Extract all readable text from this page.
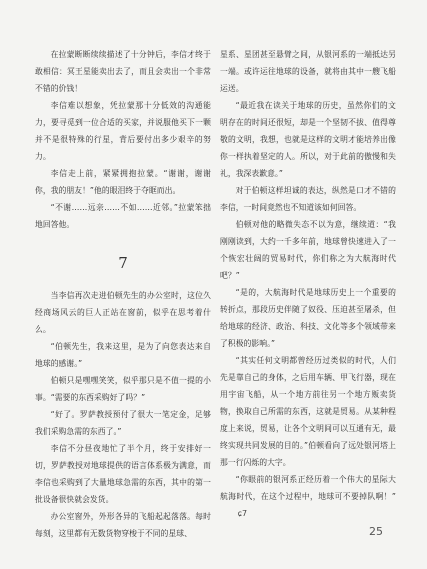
在拉蒙断断续续描述了十分钟后，李信才终于敢相信：冥王星能卖出去了，而且会卖出一个非常不错的价钱！

李信难以想象，凭拉蒙那十分低效的沟通能力，要寻觅到一位合适的买家，并说服他买下一颗并不是很特殊的行星，背后要付出多少艰辛的努力。

李信走上前，紧紧拥抱拉蒙。“谢谢，谢谢你，我的朋友！”他的眼泪终于夺眶而出。

“不谢……远亲……不如……近邻。”拉蒙笨拙地回答他。

7

当李信再次走进伯顿先生的办公室时，这位久经商场风云的巨人正站在窗前，似乎在思考着什么。

“伯顿先生，我来这里，是为了向您表达来自地球的感谢。”

伯顿只是嘿嘿笑笑，似乎那只是不值一提的小事。“需要的东西采购好了吗？”

“好了。罗萨教授预付了很大一笔定金，足够我们采购急需的东西了。”

李信不分昼夜地忙了半个月，终于安排好一切，罗萨教授对地球提供的语言体系极为满意，而李信也采购到了大量地球急需的东西，其中的第一批设备很快就会发货。

办公室窗外，外形各异的飞船起起落落。每时每刻，这里都有无数货物穿梭于不同的星球、

星系、星团甚至悬臂之间，从银河系的一端抵达另一端。或许运往地球的设备，就将由其中一艘飞船运送。

“最近我在读关于地球的历史，虽然你们的文明存在的时间还很短，却是一个坚韧不拔、值得尊敬的文明，我想，也就是这样的文明才能培养出像你一样执着坚定的人。所以，对于此前的傲慢和失礼，我深表歉意。”

对于伯顿这样坦诚的表达，纵然是口才不错的李信，一时间竟然也不知道该如何回答。

伯顿对他的略微失态不以为意，继续道：“我刚刚读到，大约一千多年前，地球曾快速进入了一个恢宏壮阔的贸易时代，你们称之为大航海时代吧？”

“是的，大航海时代是地球历史上一个重要的转折点，那段历史伴随了奴役、压迫甚至屠杀，但给地球的经济、政治、科技、文化等多个领域带来了积极的影响。”

“其实任何文明都曾经历过类似的时代，人们先是靠自己的身体，之后用车辆、甲飞行器，现在用宇宙飞船，从一个地方前往另一个地方贩卖货物，换取自己所需的东西，这就是贸易。从某种程度上来说，贸易，让各个文明间可以互通有无，最终实现共同发展的目的。”伯顿看向了远处银河塔上那一行闪烁的大字。

“你眼前的银河系正经历着一个伟大的星际大航海时代，在这个过程中，地球可不要掉队啊！”ɕ7

25
